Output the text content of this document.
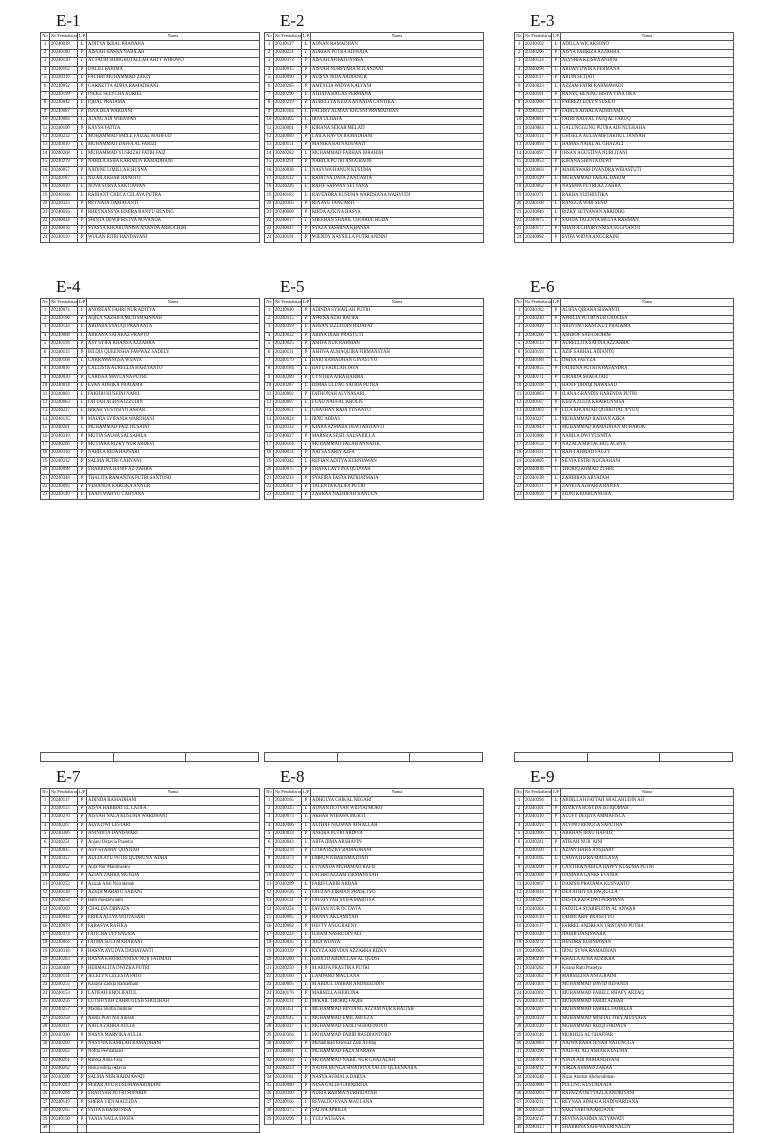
E-1
No	No Pendaftaran	L/P	Nama
1	20240018	L	ADITYA IKBAL PRADANA
2	20240180	P	AISYAH HASNA NABILAH
3	20240120	L	AL FATIH SHIBGHOTALLAH AHTY WIBOWO
4	20240162	P	DALILI FAHIMA
5	20240316	L	FACHRI MUHAMMAD ZAKIY
6	20240052	P	GARNETTA AISHA RAMADHANI
7	20240199	P	INEKE SELYCHA AURIEL
8	20240042	L	IQBAL PRATAMA
9	20240087	P	ISNA DEA WARDANI
10	20240084	L	JUANG ADI WIBAWAN
11	20240100	P	KAYSA FATIYA
12	20240232	L	MOHAMMAD SMILE FAIZAL MAHFUD
13	20240010	L	MUHAMMAD DAFFA AL FARIZI
14	20240268	L	MUHAMMAD YUSRIZKI FATIH FAIZ
15	20240279	P	NABILA ASHA KARIMUN RAMADHANI
16	20240057	P	NADINE LIMILLAH HUSNA
17	20240187	L	NIZAR AKBAR HANOTO
18	20240019	L	NOVA SURYA SAKTIAWAN
19	20240166	L	RAIHANT CHECA CELAYA PUTRA
20	20240323	P	REYNATA DAMAYANTI
21	20240056	P	RHEYNANSYA IEMIRA BANYU BENING
22	20240024	P	SHINTA DEWIFIRSTYA NOVANDA
23	20240016	P	SYASYA KHOIRUNNISA ANANDA ARROCHIM
24	20240110	P	WULAN FITRI HANDAYANI
E-2
No	No Pendaftaran	L/P	Nama
1	20240127	L	ADNAN RAMADHAN
2	20240231	L	ADRIAN PUTRA ADINATA
3	20240372	P	AISYAH AFIFATUNNISA
4	20240015	P	AISYAH NURSYARA SITI ANJANI
5	20240090	P	ALISYA NIDA ARDIANUR
6	20240285	P	AMEYLIA WIDYA KALYANI
7	20240290	L	ATHAYA BAGAS PERMANA
8	20240219	P	AURELLYA KEIZA ANANDA CANTIKA
9	20240184	L	FACHRY ALMAN KHUSNI PRAMADHAN
10	20240405	L	IRVA ULHAFA
11	20240001	P	KIRANA SEKAR MELATI
12	20240089	P	LAILA RAVYA RAMADHANI
13	20240151	P	MANIKA RATNADEWATI
14	20240282	L	MUHAMMAD FARHAN IBRAHIM
15	20240291	P	NABILA PUTRI ANGGRAINI
16	20240038	L	NASYWA HANUN KUSUMA
17	20240122	L	RADITYA DAFA ZANUARTA
18	20240226	L	RAFIF SAFWAN SETYANA
19	20240183	L	RAVENDRA KUSUMA WARDHANA WAHYUDI
20	20240305	P	RIA AYU JANUARTI
21	20240008	P	RIFDA AZKIYA HASYA
22	20240017	L	SHEEHAN SHARIL CHOIRUL HUDA
23	20240047	P	SYAZA YASMINA KHANSA
24	20240191	P	WIENDY NAYSILLA PUTRI ANDINI
E-3
No	No Pendaftaran	L/P	Nama
1	20240102	L	ADILLA WICAKSONO
2	20240206	P	AISYA FAHRIZA AZZAHRA
3	20240124	P	ALYSHIA KEISHA ANDINI
4	20240298	L	ARDAN DWIKA PERMANA
5	20240117	P	ARUM SETIATI
6	20240023	L	AZZAM FATRI RAHMAWADI
7	20240101	P	BANYU BENING IRSYA VINA OKA
8	20240308	L	FABREZI EDLYN SUSILO
9	20240123	P	FAIRUS ATHALA ADHITAMA
10	20240001	L	FATRI NAUFAL FATQ AL FARUQ
11	20240083	L	GALUNGGUNG PUTRA ADI NUGRAHA
12	20240314	P	GHISELA AULIA MIFTAKHUL JANNAH
13	20240093	L	HAMAS NABIL AL GHAZALI
14	20240097	P	IHSAN AGUSTINA NURLITANI
15	20240053	P	KIRANA SHINTA DEWI
16	20240003	P	MAHESWARI DYANDRA WIRASTUTI
17	20240129	L	MUHAMMAD FAISAL HAKIM
18	20240062	P	NASHWA PUTRI AZ ZAHRA
19	20240371	L	RAKHA YUDHISTIRA
20	20240108	L	RANGGA WIBI SENO
21	20240046	L	RIZKY SETYAWAN ARRIDHO
22	20240075	P	SAHDA TALENTA MULYA RAHMAN
23	20240177	P	SHAFFA CHAIRYNNISA SUGIYANTO
24	20240092	P	SYIFA WIDYA ANGGRAINI
E-4
No	No Pendaftaran	L/P	Nama
1	20240074	L	ANDREAN FAHRI NUR ADITYA
2	20240196	P	AQILA NAZHIFA MUTISMAINNAH
3	20240124	L	ARDARA SYAUQI PRANANTA
4	20240068	L	ARKANA SAFARAZ PRAPTO
5	20240194	P	ASY SYIFA KHANSA AZZAHRA
6	20240115	P	BILQIS QUEENSHA FAWWAZ SADELY
7	20240168	L	CAKRAWANGSA WIJAYA
8	20240036	P	CALLISTA AURELLIA HARIYANTO
9	20240020	P	CARISSA MAYLANA PUTRI
10	20240034	L	EVAN ADHIKA PRATAMA
11	20240003	L	FAKHRI HUSEINI NABIL
12	20240063	L	FATTAH AGHNA IZZUDIN
13	20240227	L	IBRAH YUSTISIYO ASHAR
14	20240135	P	MAURA SYIFANIA WARDHANI
15	20240201	L	MUHAMMAD FAIZ HUSAINI
16	20240319	P	MUTIA SALWA SALSABILA
17	20240286	P	MUTIARA RIZKY NUR ARDEVI
18	20240316	P	NABILA RIDA HAPSARI
19	20240312	P	SALMA PUTRI CAHYANI
20	20240098	P	SHABRINA HANIF AZ-ZAHRA
21	20240348	P	THALITA RAMANIYA PUTRI SANTOSO
22	20240095	P	VERANDA KARTIKA ANNUR
23	20240140	L	YAAFI WAHYU CAHYANA
E-5
No	No Pendaftaran	L/P	Nama
1	20240040	P	ADINDA SYHAILAH PUTRI
2	20240415	P	AFRINA AZKI RATIFA
3	20240393	L	AHSAN IZZUDDIN HIDAYAT
4	20240022	P	ARINA DIAH PRASTUTI
5	20240025	P	ASHFA NUR RAHMAN
6	20240131	P	ASHIVA ALMAQUIRA FIRMANSYAH
7	20240179	L	BARI RAMADHAN GINASTYO
8	20240184	L	BAYU FADILAH JAYA
9	20240389	P	CYNTHIA AIRA RAHMA
10	20240287	L	DIMAS ULUNG SATRIA PUTRA
11	20240002	P	FATHONAH ALYNASARI
12	20240007	L	FUAD NAUFAL KHOLIS
13	20240051	L	GHATHAN RAJA YUSANTO
14	20240024	L	IBNU ABBAS
15	20240332	P	KIARA AZMARA DEWI ARIYANTI
16	20240027	P	MARSHA SESIL SALSABILLA
17	20240104	L	MUHAMMAD FALAH ANNAFIK
18	20240031	P	NATSA SARIY AZFA
19	20240342	L	REFIAN ADITYA KURNIAWAN
20	20240075	P	SHAFA LAYYINA QUDWAH
21	20240213	P	SYAFIRA FASTA PATRIATMAJA
22	20240031	P	TALENTA KALIFA PUTRI
23	20240013	P	ZAHRAA NAZHIFAH HANUUN
E-6
No	No Pendaftaran	L/P	Nama
1	20240182	P	ALIFIA QIRANA SISWANTI
2	20240210	P	APRILIA PUTRI NUR CHOLISA
3	20240039	L	ARDYINO RANGKUT PRATAMA
4	20240266	L	ASHROF SAIFUROHIM
5	20240133	P	AURELLITA SAFINA AZZAHRA
6	20240193	L	AZIF SABHAL ADIANTO
7	20240188	L	DHIYA FAEYZA
8	20240055	P	FAURINA PUTRI KHASANDRA
9	20240171	P	GIRAIDA SHAFA JATI
10	20240108	L	HANIF DHAQI NAWASAD
11	20240063	P	ILANA GRANDIS HARENDA PUTRI
12	20240167	P	KEIZA ZULIA KHAIRUNNISA
13	20240303	P	LILA KHODIJAH QURROTAL A'YUN
14	20240227	L	MUHAMMAD RAIHAN AZKA
15	20240043	L	MUHAMMAD RAMADHAN MUBAROK
16	20240006	P	NABILA DWI YUSNITA
17	20240154	P	NAZALA MIFTACHUL ACHYA
18	20240321	L	RAFFI AHMAD FAUZY
19	20240005	P	SILVIA ESTRI NUGRAHANI
20	20240036	L	THORIQ AHMAD ZUHRI
21	20240138	L	ZAHIRRAN ARYATAM
22	20240111	P	ZANETA AZHARIA RAFIFA
23	20240059	P	ZIDNI KHOIRUNNUHA
E-7
No	No Pendaftaran	L/P	Nama
1	20240137	P	ADINDA RAMADHANI
2	20240113	P	AISYA HABIBAT EL LATIFA
3	20240270	P	AISYAH NALA KUSUMA WARDHANI
4	20240367	P	ALYA DWI LESTARI
5	20240386	P	ANINDITA DANISWARI
6	20240251	P	Anjani Oktavia Prasetia
7	20240045	P	ASY-SYAIMA' QONITAH
8	20240357	P	AULIA AYU PUTRI QUDRUNA 'ADHA
9	20240252	P	Aura Nur Maulinarani
10	20240002	P	AZIAN ZAHRA MUFIDA
11	20240253	P	Azizah Aleil Nurrokmah
12	20240138	P	AZKIA MARATU SABANI
13	20240254	P	Batti mustaswaniti
14	20240369	P	CHALISA DRINATA
15	20240044	P	ERIKA ALLYA WIDYASARI
16	20240078	P	FARASYA RAFIKA
17	20240374	P	FATICHA ULYNNUSIA
18	20240064	P	FATMA SUCI MAHARANI
19	20240318	P	HASNA AYUDYA DAMAYANTI
20	20240263	P	HASNA KHOIRUNNISA' NUR FATIMAH
21	20240408	P	HERMALITA DWIZKA PUTRI
22	20240114	P	JECELYN CELESTA PATO
23	20240255	P	Kanaya Zaskia Ramadhani
24	20240153	P	LATIFAH KHOLIFATUL
25	20240256	P	LUTHFIYAH ZAHROTUSH SHOLIHAH
26	20240257	P	Madina Shofia Jasmine
27	20240258	P	Nabila Putri Nur Allieah
28	20240411	P	NAILA ZAHRA AULIA
29	20240330	P	NASYA MARVIKA AULIA
30	20240260	P	NASYWA KAMILAH RAMADHANI
31	20240262	P	Nofita Permatasari
32	20240261	P	Rahma Aulia Fara
33	20240262	P	Riska oshita oktavia
34	20240200	P	SALMA NUR RAHMAWATI
35	20240283	P	SEKAR AYU KUSUMAWARDHANI
36	20240264	P	SHAFIYAH PUTRI SUPARDI
37	20240149	P	SHERA VIDI MAULIDA
38	20240265	P	SYIFA KHAIRUNISA
39	20240150	P	VANIA NAILA SHOFA
40			
E-8
No	No Pendaftaran	L/P	Nama
1	20240165	P	ADHULYA CHIKAL NEGARI
2	20240325	L	ADNANTIO IVAN WIDYATMOKO
3	20240073	L	AKBAR WIBAWA MUKTI
4	20240406	L	ALTHAF NAZWAN ATHALLAH
5	20240024	P	ANEIRA PUTRI ARDIVA
6	20240043	L	ARFA IBMA ARSHAVIN
7	20240278	P	CITRA RIZKY RAMADHANI
8	20240373	P	EMBUN KHARISMA DIATI
9	20240282	L	EVNANDA MUHAMAD RAFIF
10	20240279	L	FACHRI AZZAM FIRMANSYAH
11	20240289	L	FARIS LABIB AKBAR
12	20240126	L	FAUZAN FIRMAN PRASETYO
13	20240131	P	FAUZIYYAH SYIFA MARITSA
14	20240354	L	FAVIAN NUR OCTAVIA
15	20240085	P	HANNY AKLAMIYAH
16	20240082	P	HEFTY ANGGRAENY
17	20240224	L	ILHAM NASRUDIN ALI
18	20240035	L	JODI WIJAYA
19	20240339	P	KEYZA ARIVIAN AZZAHRA RIZKY
20	20240280	L	KHOLID ABDULLAH AL QUDSI
21	20240250	P	M.ARIFA PRASTIKA PUTRI
22	20240160	L	LAMPARD MAULANA
23	20240005	L	M ABDUL JABBAR ANDREEDDIN
24	20240176	P	MARSELLA HERLINA
25	20240113	L	MIKAIL THORIQ FAQIH
26	20240351	L	MUHAMMAD BINTANG AZZAM NUR KHALISH
27	20240145	L	MUHAMMAD EMIL ABI EZA
28	20240317	L	MUHAMMAD FADLI SURATINOYO
29	20240364	L	MUHAMMAD FARID RASDIANTORO
30	20240207	P	Muhammad Fawwaz Zain Al-Haq
31	20240061	L	MUHAMMAD FAZA MARAYA
32	20240316	L	MUHAMMAD NABIL NUR GHAZALAH
33	20240223	P	NAJWA BUNGA SINATRIYA YACUF QUEENNARA
34	20240181	P	NASYA AGMALA DARYA
35	20240080	P	NESA GALIH GARNERITA
36	20240300	P	NURIA RAHMA NURHIDAYAH
37	20240166	L	REVALDO EVAN MAULANA
38	20240375	P	SALWA APRILIA
39	20240296	L	YULI WUSANA
E-9
No	No Pendaftaran	L/P	Nama
1	20240294	L	ABDILLAH FATTAH SHALAHUDIN AJI
2	20240301	P	ADZKYA ROSYDA ISTIQOMAH
3	20240310	P	ALUFY DEQIYA AMMAFISCA
4	20240293	L	ALVINO RENGGA SAPUTRA
5	20240306	L	ARKHAN IBNU HAFIDZ
6	20240241	P	ATIKAH NUR 'AINI
7	20240109	L	AZIAN HAFIS ANSHARY
8	20240105	L	CAHYA HIZRA MAULANA
9	20240208	P	CANTIKA NABILA HAPPY KUSUMA PUTRI
10	20240308	P	DAMARA GANES EVANIA
11	20240067	L	DANISH PRATAMA KUSNANTO
12	20240414	P	DEA ATHIYYA HAQIULLA
13	20240297	L	DESTA RAFA DWI PERMANA
14	20240364	L	FADZILA SYARIFUDIN AL ANWAR
15	20240139	L	FAHMI ARIF PRASETYO
16	20240137	L	FARREL ANDREAN TRISTANO PUTRA
17	20240320	L	HABIB DANISWARA
18	20240272	L	HENDRA KURNIAWAN
19	20240365	L	IBNU SYWA RAMADHAN
20	20240218	P	KHAILA ATHA ADZIKRA
21	20240262	P	Kirana Ratu Prasetya
22	20240362	P	MARSELINA ANGGRAINI
23	20240303	L	MUHAMMAD DAVID REFANDI
24	20240302	L	MUHAMMAD FABELL RHAFY ARZAQ
25	20240144	L	MUHAMMAD FARID AZHAR
26	20240207	L	MUHAMMAD FARREL FAHREZA
27	20240359	L	MUHAMMAD MISFIAL FIKY MUSYAFA
28	20240220	L	MUHAMMAD RIZQI FIRDAUS
29	20240146	L	MUKHLIS AL GHAFFAR
30	20240083	P	NAJWA RARA JENAR NATUNGGA
31	20240390	L	NAUFAL ALI ASHAR KUSUMA
32	20240076	P	NINDI ADI PRIHANDIYANI
33	20240212	P	NIRZA AHMAD ZAKAA
34	20240248	L	Nizar Ammar Abdurrahman
35	20240080	L	PULUNG KUSUMA AJA
36	20240203	P	RAFAIZA OKTYAZLA ANDRIYANI
37	20240211	L	REYNAN ADMAJA HADIWARDANA
38	20240128	L	SAKTYARTHA ARDANA
39	20240217	P	SEVINA RAHMA SETYAWATI
40	20240413	P	SHABRINA SAHFWA ERINALDY
